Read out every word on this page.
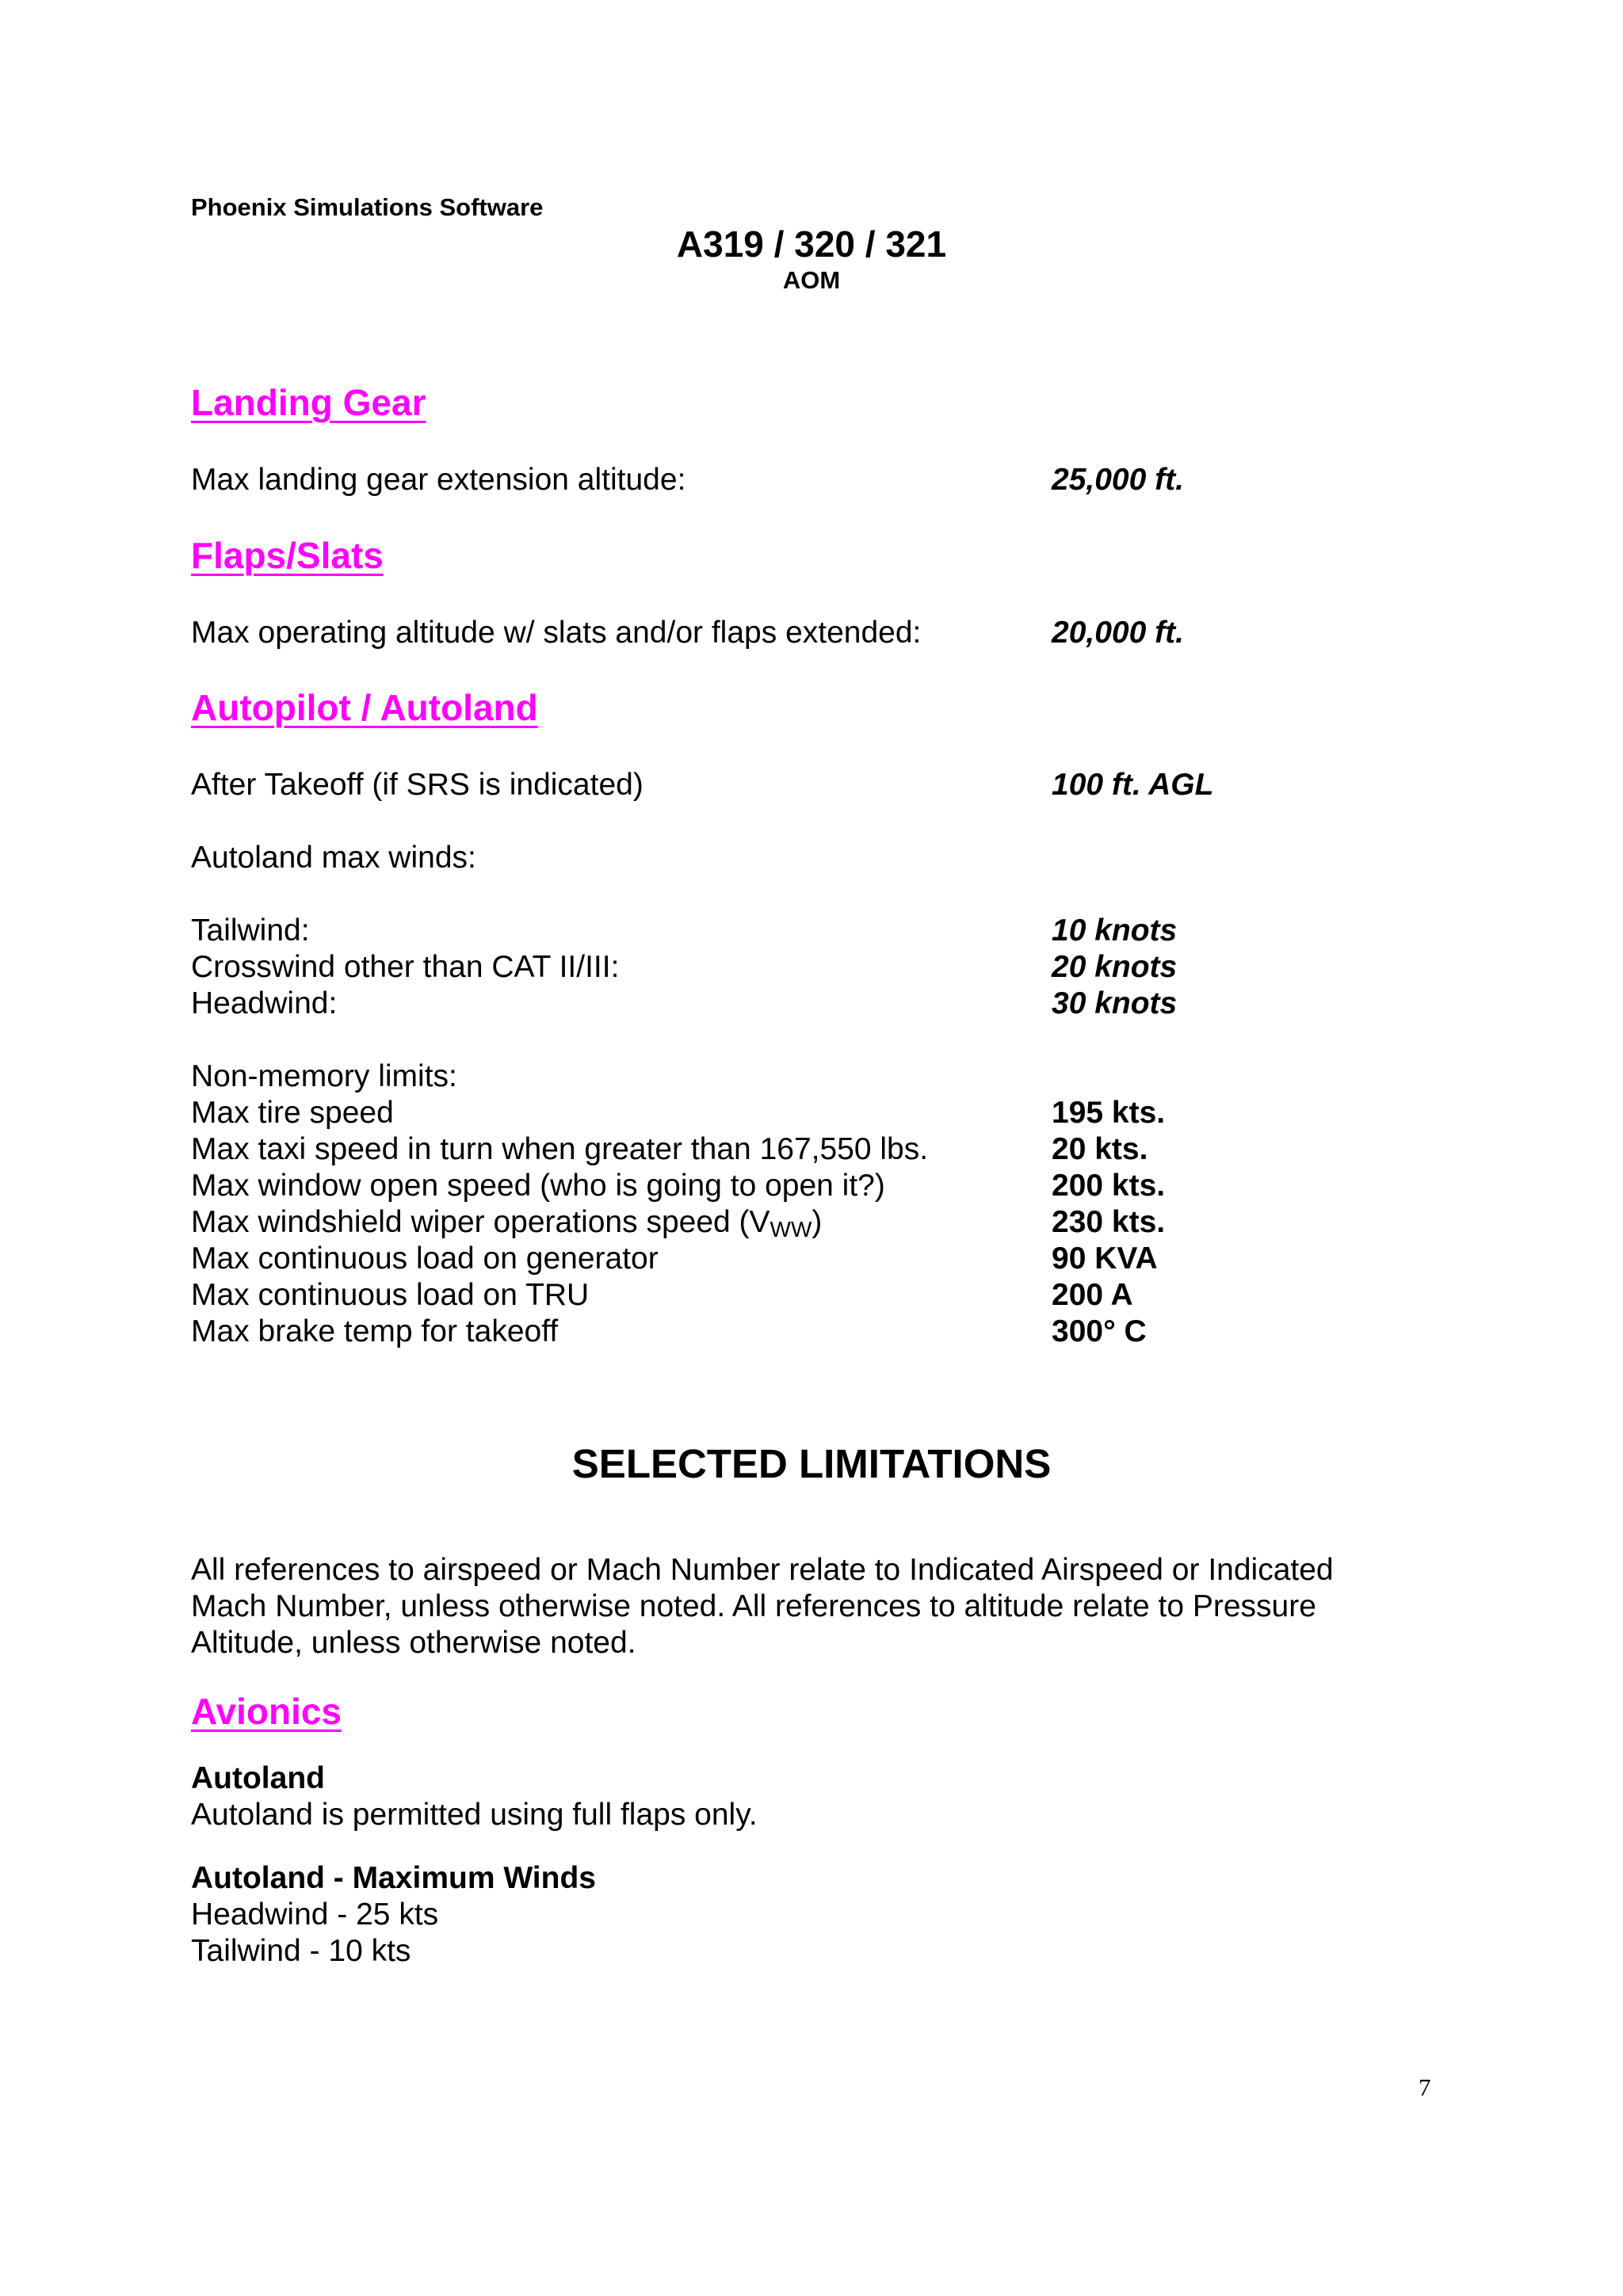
Phoenix Simulations Software
A319 / 320 / 321
AOM
Landing Gear
Max landing gear extension altitude:	25,000 ft.
Flaps/Slats
Max operating altitude w/ slats and/or flaps extended:	20,000 ft.
Autopilot / Autoland
After Takeoff (if SRS is indicated)	100 ft. AGL
Autoland max winds:
Tailwind:	10 knots
Crosswind other than CAT II/III:	20 knots
Headwind:	30 knots
Non-memory limits:
Max tire speed	195 kts.
Max taxi speed in turn when greater than 167,550 lbs.	20 kts.
Max window open speed (who is going to open it?)	200 kts.
Max windshield wiper operations speed $(V_{WW})$	230 kts.
Max continuous load on generator	90 KVA
Max continuous load on TRU	200 A
Max brake temp for takeoff	300° C
SELECTED LIMITATIONS
All references to airspeed or Mach Number relate to Indicated Airspeed or Indicated Mach Number, unless otherwise noted. All references to altitude relate to Pressure Altitude, unless otherwise noted.
Avionics
Autoland
Autoland is permitted using full flaps only.
Autoland - Maximum Winds
Headwind - 25 kts
Tailwind - 10 kts
7
